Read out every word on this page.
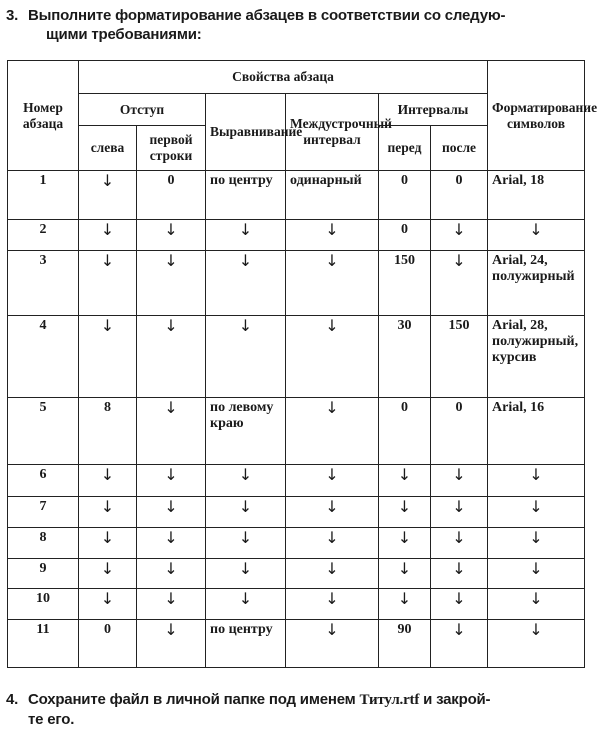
3. Выполните форматирование абзацев в соответствии со следую-
щими требованиями:
Номер абзаца	Свойства абзаца						Форматирование символов
	Отступ		Выравнивание	Междустрочный интервал	Интервалы		
	слева	первой строки			перед	после	
1	↓	0	по центру	одинарный	0	0	Arial, 18
2	↓	↓	↓	↓	0	↓	↓
3	↓	↓	↓	↓	150	↓	Arial, 24, полужирный
4	↓	↓	↓	↓	30	150	Arial, 28, полужирный, курсив
5	8	↓	по левому краю	↓	0	0	Arial, 16
6	↓	↓	↓	↓	↓	↓	↓
7	↓	↓	↓	↓	↓	↓	↓
8	↓	↓	↓	↓	↓	↓	↓
9	↓	↓	↓	↓	↓	↓	↓
10	↓	↓	↓	↓	↓	↓	↓
11	0	↓	по центру	↓	90	↓	↓
4. Сохраните файл в личной папке под именем Титул.rtf и закрой-
те его.
